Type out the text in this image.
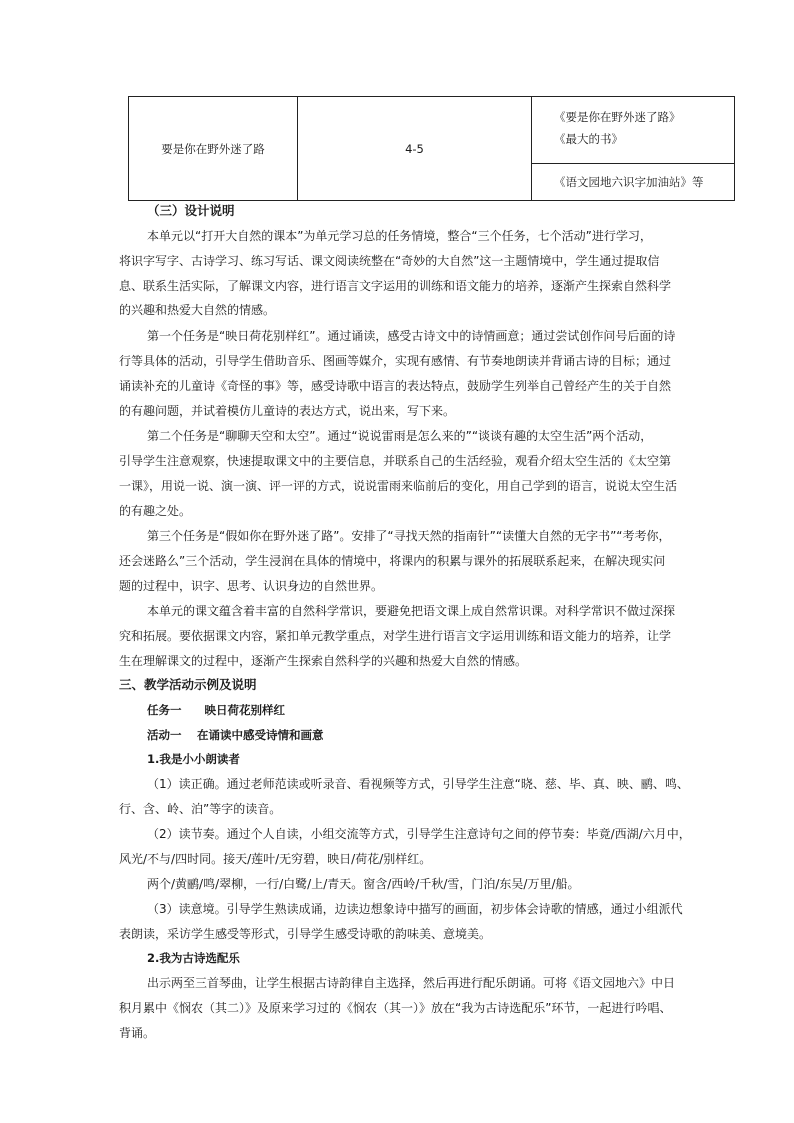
要是你在野外迷了路	4-5
《要是你在野外迷了路》
《最大的书》
《语文园地六识字加油站》等
（三）设计说明
本单元以“打开大自然的课本”为单元学习总的任务情境，整合“三个任务，七个活动”进行学习，
将识字写字、古诗学习、练习写话、课文阅读统整在“奇妙的大自然”这一主题情境中，学生通过提取信
息、联系生活实际，了解课文内容，进行语言文字运用的训练和语文能力的培养，逐渐产生探索自然科学
的兴趣和热爱大自然的情感。
第一个任务是“映日荷花别样红”。通过诵读，感受古诗文中的诗情画意；通过尝试创作问号后面的诗
行等具体的活动，引导学生借助音乐、图画等媒介，实现有感情、有节奏地朗读并背诵古诗的目标；通过
诵读补充的儿童诗《奇怪的事》等，感受诗歌中语言的表达特点，鼓励学生列举自己曾经产生的关于自然
的有趣问题，并试着模仿儿童诗的表达方式，说出来，写下来。
第二个任务是“聊聊天空和太空”。通过“说说雷雨是怎么来的”“谈谈有趣的太空生活”两个活动，
引导学生注意观察，快速提取课文中的主要信息，并联系自己的生活经验，观看介绍太空生活的《太空第
一课》，用说一说、演一演、评一评的方式，说说雷雨来临前后的变化，用自己学到的语言，说说太空生活
的有趣之处。
第三个任务是“假如你在野外迷了路”。安排了“寻找天然的指南针”“读懂大自然的无字书”“考考你，
还会迷路么”三个活动，学生浸润在具体的情境中，将课内的积累与课外的拓展联系起来，在解决现实问
题的过程中，识字、思考、认识身边的自然世界。
本单元的课文蕴含着丰富的自然科学常识，要避免把语文课上成自然常识课。对科学常识不做过深探
究和拓展。要依据课文内容，紧扣单元教学重点，对学生进行语言文字运用训练和语文能力的培养，让学
生在理解课文的过程中，逐渐产生探索自然科学的兴趣和热爱大自然的情感。
三、教学活动示例及说明
任务一　　映日荷花别样红
活动一　 在诵读中感受诗情和画意
1.我是小小朗读者
（1）读正确。通过老师范读或听录音、看视频等方式，引导学生注意“晓、慈、毕、真、映、鹂、鸣、
行、含、岭、泊”等字的读音。
（2）读节奏。通过个人自读，小组交流等方式，引导学生注意诗句之间的停节奏：毕竟/西湖/六月中，
风光/不与/四时同。接天/莲叶/无穷碧，映日/荷花/别样红。
两个/黄鹂/鸣/翠柳，一行/白鹭/上/青天。窗含/西岭/千秋/雪，门泊/东吴/万里/船。
（3）读意境。引导学生熟读成诵，边读边想象诗中描写的画面，初步体会诗歌的情感，通过小组派代
表朗读，采访学生感受等形式，引导学生感受诗歌的韵味美、意境美。
2.我为古诗选配乐
出示两至三首琴曲，让学生根据古诗韵律自主选择，然后再进行配乐朗诵。可将《语文园地六》中日
积月累中《悯农（其二）》及原来学习过的《悯农（其一）》放在“我为古诗选配乐”环节，一起进行吟唱、
背诵。
